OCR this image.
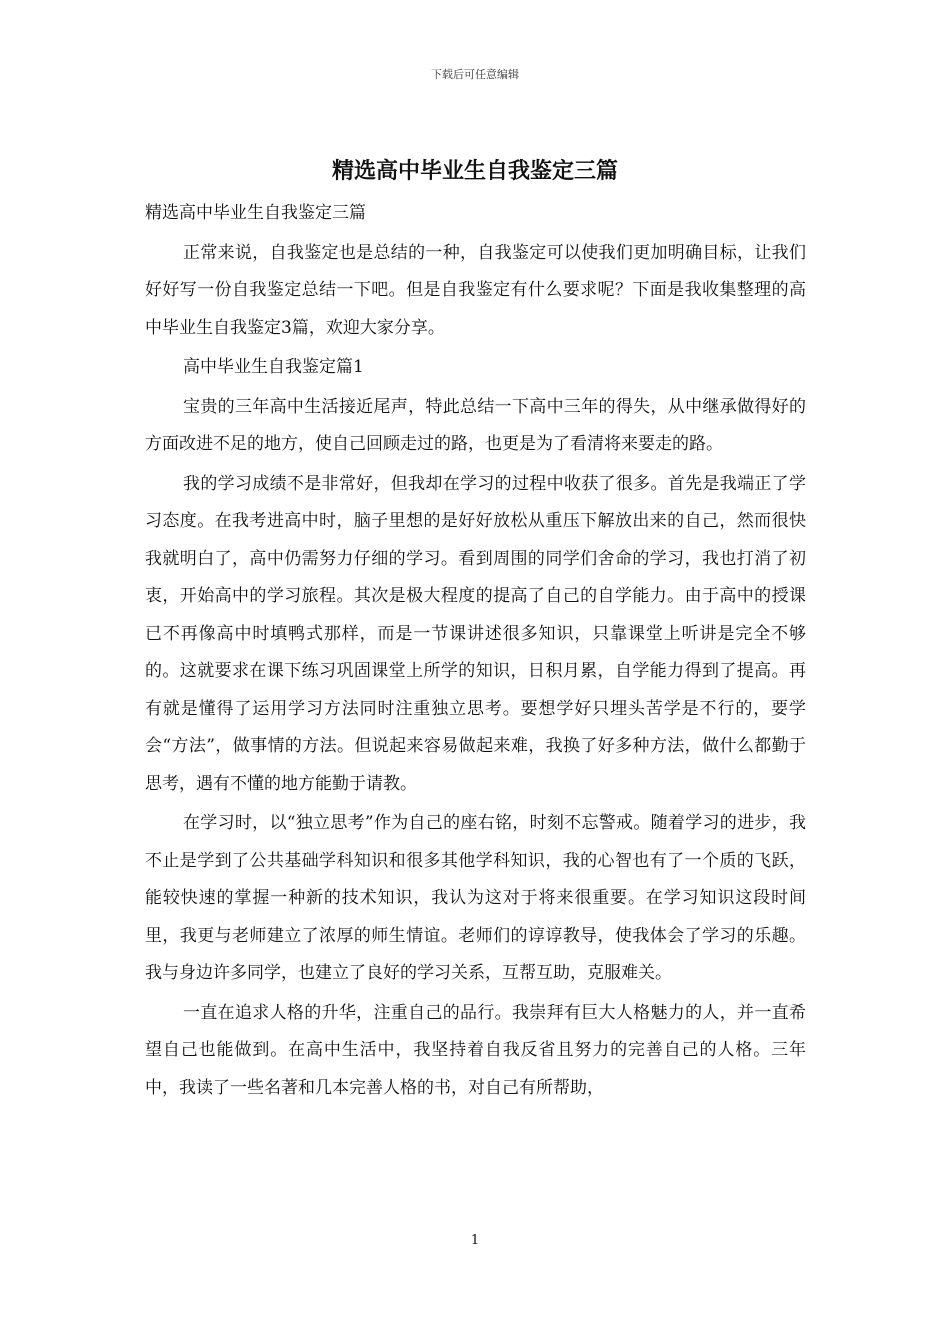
下载后可任意编辑
精选高中毕业生自我鉴定三篇

精选高中毕业生自我鉴定三篇

正常来说，自我鉴定也是总结的一种，自我鉴定可以使我们更加明确目标，让我们好好写一份自我鉴定总结一下吧。但是自我鉴定有什么要求呢？下面是我收集整理的高中毕业生自我鉴定3篇，欢迎大家分享。

高中毕业生自我鉴定篇1

宝贵的三年高中生活接近尾声，特此总结一下高中三年的得失，从中继承做得好的方面改进不足的地方，使自己回顾走过的路，也更是为了看清将来要走的路。

我的学习成绩不是非常好，但我却在学习的过程中收获了很多。首先是我端正了学习态度。在我考进高中时，脑子里想的是好好放松从重压下解放出来的自己，然而很快我就明白了，高中仍需努力仔细的学习。看到周围的同学们舍命的学习，我也打消了初衷，开始高中的学习旅程。其次是极大程度的提高了自己的自学能力。由于高中的授课已不再像高中时填鸭式那样，而是一节课讲述很多知识，只靠课堂上听讲是完全不够的。这就要求在课下练习巩固课堂上所学的知识，日积月累，自学能力得到了提高。再有就是懂得了运用学习方法同时注重独立思考。要想学好只埋头苦学是不行的，要学会“方法”，做事情的方法。但说起来容易做起来难，我换了好多种方法，做什么都勤于思考，遇有不懂的地方能勤于请教。

在学习时，以“独立思考”作为自己的座右铭，时刻不忘警戒。随着学习的进步，我不止是学到了公共基础学科知识和很多其他学科知识，我的心智也有了一个质的飞跃，能较快速的掌握一种新的技术知识，我认为这对于将来很重要。在学习知识这段时间里，我更与老师建立了浓厚的师生情谊。老师们的谆谆教导，使我体会了学习的乐趣。我与身边许多同学，也建立了良好的学习关系，互帮互助，克服难关。

一直在追求人格的升华，注重自己的品行。我崇拜有巨大人格魅力的人，并一直希望自己也能做到。在高中生活中，我坚持着自我反省且努力的完善自己的人格。三年中，我读了一些名著和几本完善人格的书，对自己有所帮助，

1
